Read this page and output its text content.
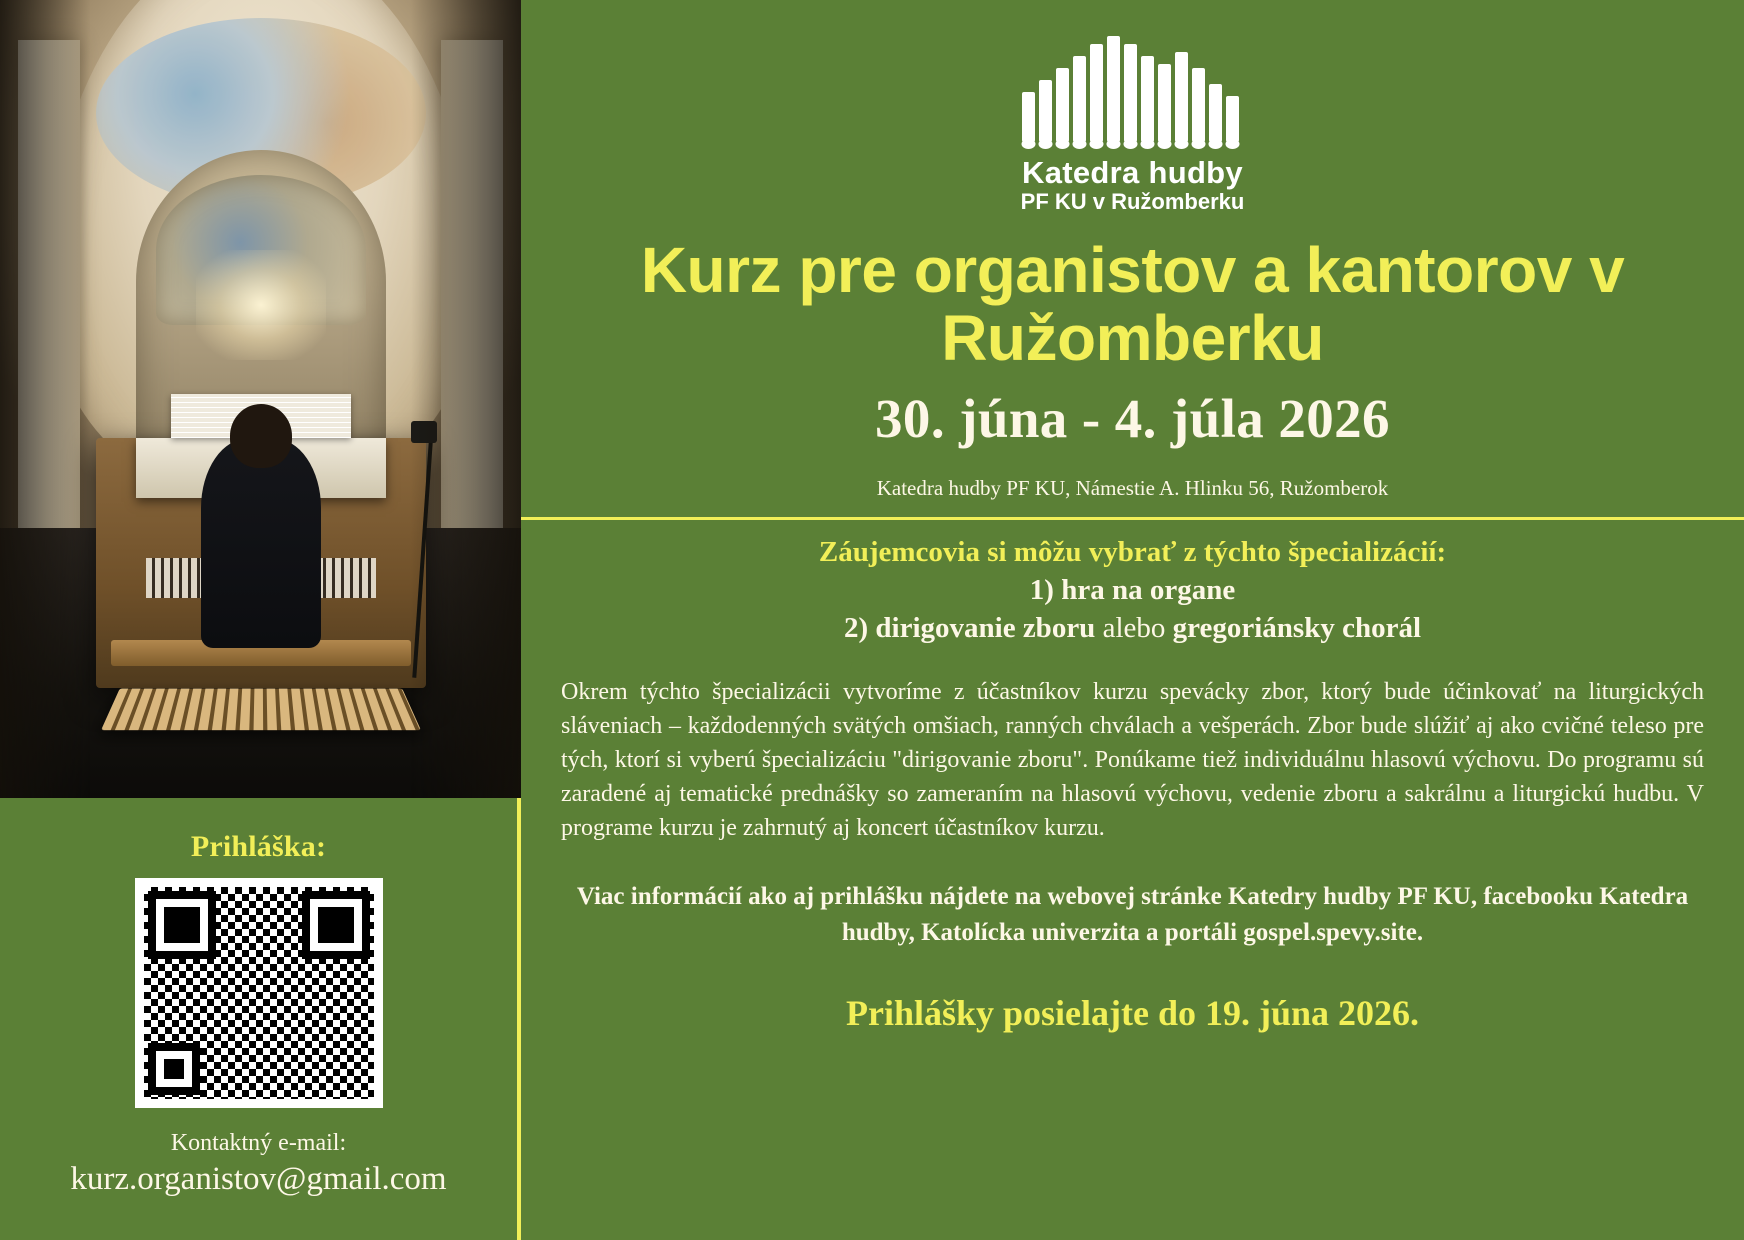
Prihláška:
Kontaktný e-mail:
kurz.organistov@gmail.com
Katedra hudby
PF KU v Ružomberku
Kurz pre organistov a kantorov v Ružomberku
30. júna - 4. júla 2026
Katedra hudby PF KU, Námestie A. Hlinku 56, Ružomberok
Záujemcovia si môžu vybrať z týchto špecializácií:
1) hra na organe
2) dirigovanie zboru alebo gregoriánsky chorál

Okrem týchto špecializácii vytvoríme z účastníkov kurzu spevácky zbor, ktorý bude účinkovať na liturgických sláveniach – každodenných svätých omšiach, ranných chválach a vešperách. Zbor bude slúžiť aj ako cvičné teleso pre tých, ktorí si vyberú špecializáciu "dirigovanie zboru". Ponúkame tiež individuálnu hlasovú výchovu. Do programu sú zaradené aj tematické prednášky so zameraním na hlasovú výchovu, vedenie zboru a sakrálnu a liturgickú hudbu. V programe kurzu je zahrnutý aj koncert účastníkov kurzu.

Viac informácií ako aj prihlášku nájdete na webovej stránke Katedry hudby PF KU, facebooku Katedra hudby, Katolícka univerzita a portáli gospel.spevy.site.

Prihlášky posielajte do 19. júna 2026.
